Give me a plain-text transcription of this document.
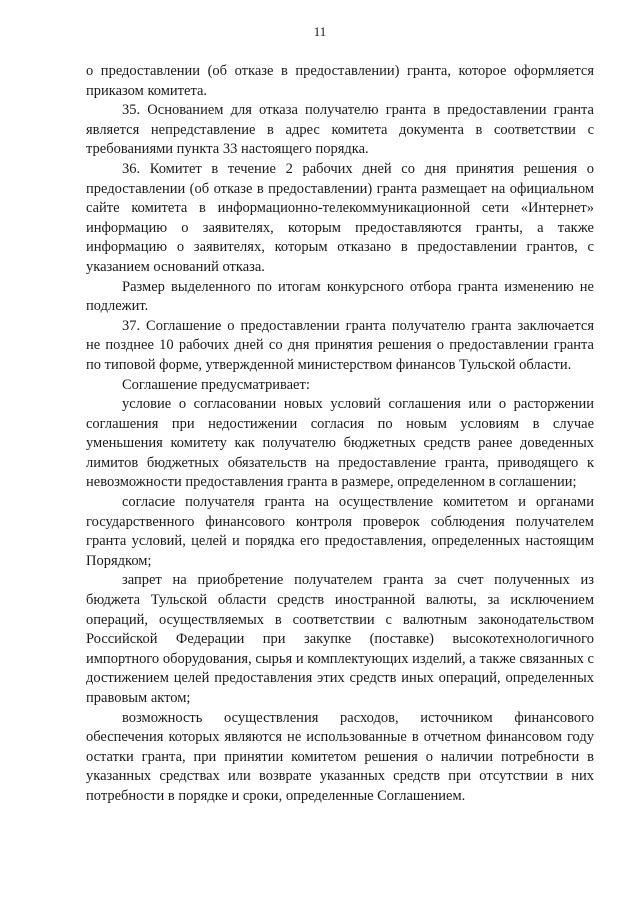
11

о предоставлении (об отказе в предоставлении) гранта, которое оформляется приказом комитета.

35. Основанием для отказа получателю гранта в предоставлении гранта является непредставление в адрес комитета документа в соответствии с требованиями пункта 33 настоящего порядка.

36. Комитет в течение 2 рабочих дней со дня принятия решения о предоставлении (об отказе в предоставлении) гранта размещает на официальном сайте комитета в информационно-телекоммуникационной сети «Интернет» информацию о заявителях, которым предоставляются гранты, а также информацию о заявителях, которым отказано в предоставлении грантов, с указанием оснований отказа.

Размер выделенного по итогам конкурсного отбора гранта изменению не подлежит.

37. Соглашение о предоставлении гранта получателю гранта заключается не позднее 10 рабочих дней со дня принятия решения о предоставлении гранта по типовой форме, утвержденной министерством финансов Тульской области.

Соглашение предусматривает:

условие о согласовании новых условий соглашения или о расторжении соглашения при недостижении согласия по новым условиям в случае уменьшения комитету как получателю бюджетных средств ранее доведенных лимитов бюджетных обязательств на предоставление гранта, приводящего к невозможности предоставления гранта в размере, определенном в соглашении;

согласие получателя гранта на осуществление комитетом и органами государственного финансового контроля проверок соблюдения получателем гранта условий, целей и порядка его предоставления, определенных настоящим Порядком;

запрет на приобретение получателем гранта за счет полученных из бюджета Тульской области средств иностранной валюты, за исключением операций, осуществляемых в соответствии с валютным законодательством Российской Федерации при закупке (поставке) высокотехнологичного импортного оборудования, сырья и комплектующих изделий, а также связанных с достижением целей предоставления этих средств иных операций, определенных правовым актом;

возможность осуществления расходов, источником финансового обеспечения которых являются не использованные в отчетном финансовом году остатки гранта, при принятии комитетом решения о наличии потребности в указанных средствах или возврате указанных средств при отсутствии в них потребности в порядке и сроки, определенные Соглашением.
